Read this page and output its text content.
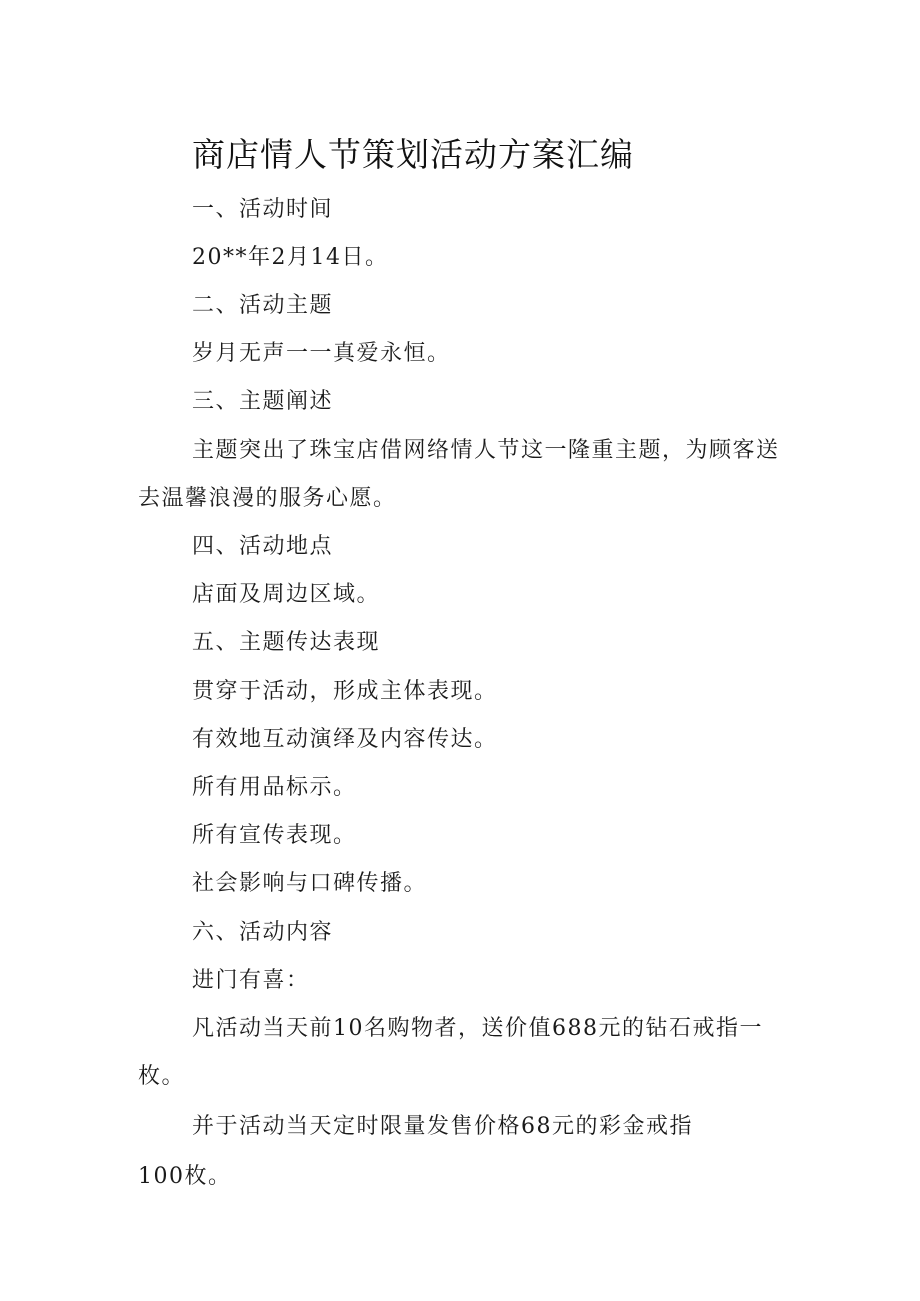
商店情人节策划活动方案汇编
一、活动时间
20**年2月14日。
二、活动主题
岁月无声一一真爱永恒。
三、主题阐述
主题突出了珠宝店借网络情人节这一隆重主题，为顾客送
去温馨浪漫的服务心愿。
四、活动地点
店面及周边区域。
五、主题传达表现
贯穿于活动，形成主体表现。
有效地互动演绎及内容传达。
所有用品标示。
所有宣传表现。
社会影响与口碑传播。
六、活动内容
进门有喜：
凡活动当天前10名购物者，送价值688元的钻石戒指一
枚。
并于活动当天定时限量发售价格68元的彩金戒指
100枚。
